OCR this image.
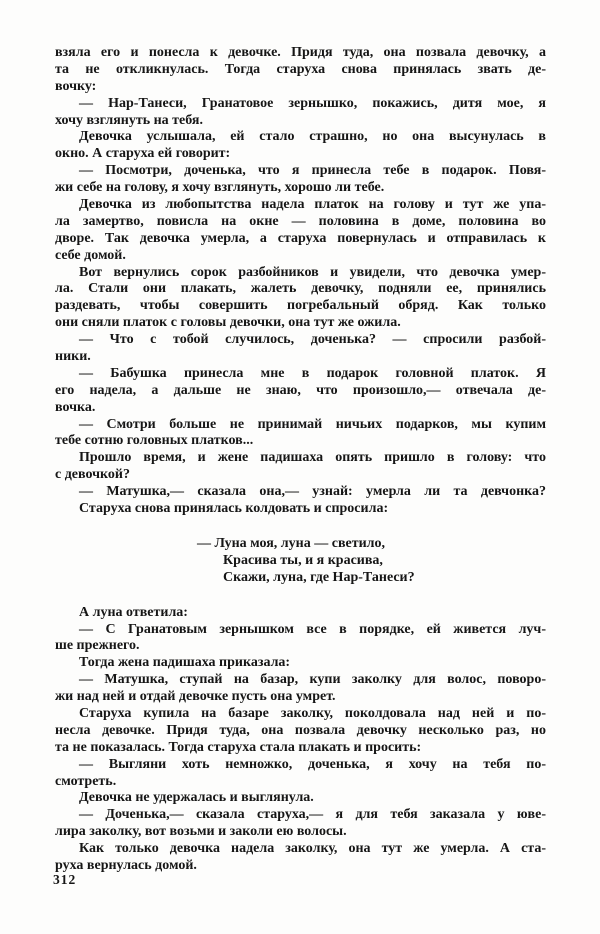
взяла его и понесла к девочке. Придя туда, она позвала девочку, а
та не откликнулась. Тогда старуха снова принялась звать де-
вочку:
— Нар-Танеси, Гранатовое зернышко, покажись, дитя мое, я
хочу взглянуть на тебя.
Девочка услышала, ей стало страшно, но она высунулась в
окно. А старуха ей говорит:
— Посмотри, доченька, что я принесла тебе в подарок. Повя-
жи себе на голову, я хочу взглянуть, хорошо ли тебе.
Девочка из любопытства надела платок на голову и тут же упа-
ла замертво, повисла на окне — половина в доме, половина во
дворе. Так девочка умерла, а старуха повернулась и отправилась к
себе домой.
Вот вернулись сорок разбойников и увидели, что девочка умер-
ла. Стали они плакать, жалеть девочку, подняли ее, принялись
раздевать, чтобы совершить погребальный обряд. Как только
они сняли платок с головы девочки, она тут же ожила.
— Что с тобой случилось, доченька? — спросили разбой-
ники.
— Бабушка принесла мне в подарок головной платок. Я
его надела, а дальше не знаю, что произошло,— отвечала де-
вочка.
— Смотри больше не принимай ничьих подарков, мы купим
тебе сотню головных платков...
Прошло время, и жене падишаха опять пришло в голову: что
с девочкой?
— Матушка,— сказала она,— узнай: умерла ли та девчонка?
Старуха снова принялась колдовать и спросила:
— Луна моя, луна — светило,
Красива ты, и я красива,
Скажи, луна, где Нар-Танеси?
А луна ответила:
— С Гранатовым зернышком все в порядке, ей живется луч-
ше прежнего.
Тогда жена падишаха приказала:
— Матушка, ступай на базар, купи заколку для волос, поворо-
жи над ней и отдай девочке пусть она умрет.
Старуха купила на базаре заколку, поколдовала над ней и по-
несла девочке. Придя туда, она позвала девочку несколько раз, но
та не показалась. Тогда старуха стала плакать и просить:
— Выгляни хоть немножко, доченька, я хочу на тебя по-
смотреть.
Девочка не удержалась и выглянула.
— Доченька,— сказала старуха,— я для тебя заказала у юве-
лира заколку, вот возьми и заколи ею волосы.
Как только девочка надела заколку, она тут же умерла. А ста-
руха вернулась домой.
312
